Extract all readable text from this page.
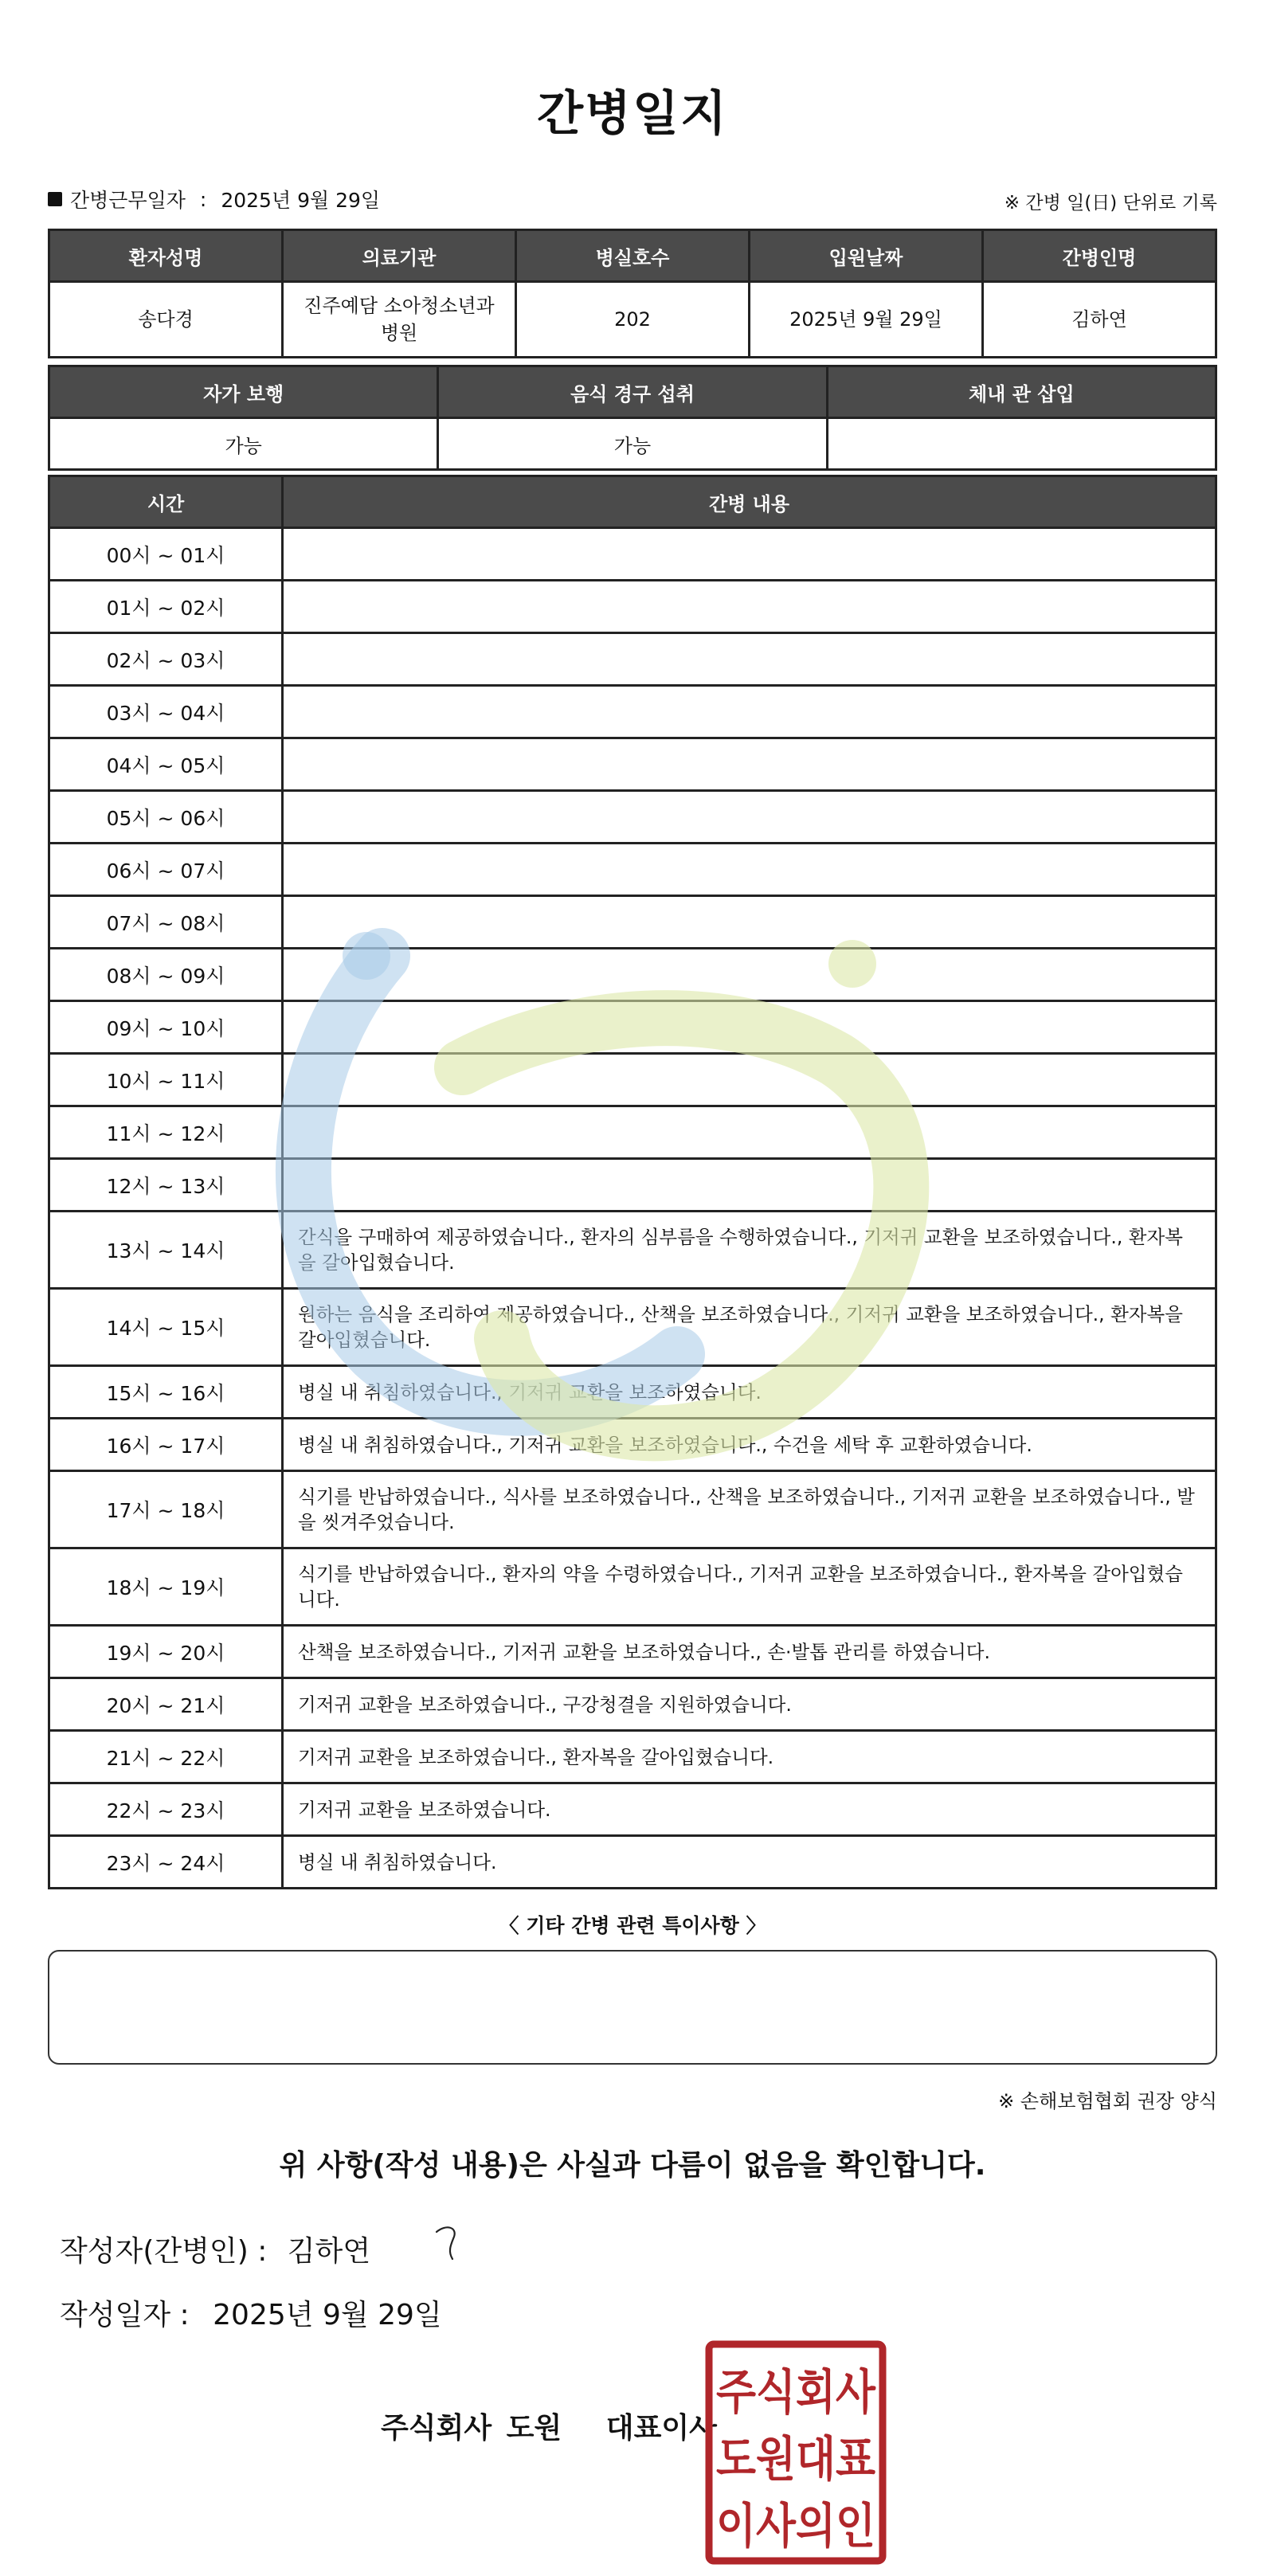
간병일지
간병근무일자 : 2025년 9월 29일	※ 간병 일(日) 단위로 기록
환자성명	의료기관	병실호수	입원날짜	간병인명
송다경	진주예담 소아청소년과 병원	202	2025년 9월 29일	김하연
자가 보행	음식 경구 섭취	체내 관 삽입
가능	가능	
시간	간병 내용
00시 ~ 01시	
01시 ~ 02시	
02시 ~ 03시	
03시 ~ 04시	
04시 ~ 05시	
05시 ~ 06시	
06시 ~ 07시	
07시 ~ 08시	
08시 ~ 09시	
09시 ~ 10시	
10시 ~ 11시	
11시 ~ 12시	
12시 ~ 13시	
13시 ~ 14시	간식을 구매하여 제공하였습니다., 환자의 심부름을 수행하였습니다., 기저귀 교환을 보조하였습니다., 환자복을 갈아입혔습니다.
14시 ~ 15시	원하는 음식을 조리하여 제공하였습니다., 산책을 보조하였습니다., 기저귀 교환을 보조하였습니다., 환자복을 갈아입혔습니다.
15시 ~ 16시	병실 내 취침하였습니다., 기저귀 교환을 보조하였습니다.
16시 ~ 17시	병실 내 취침하였습니다., 기저귀 교환을 보조하였습니다., 수건을 세탁 후 교환하였습니다.
17시 ~ 18시	식기를 반납하였습니다., 식사를 보조하였습니다., 산책을 보조하였습니다., 기저귀 교환을 보조하였습니다., 발을 씻겨주었습니다.
18시 ~ 19시	식기를 반납하였습니다., 환자의 약을 수령하였습니다., 기저귀 교환을 보조하였습니다., 환자복을 갈아입혔습니다.
19시 ~ 20시	산책을 보조하였습니다., 기저귀 교환을 보조하였습니다., 손·발톱 관리를 하였습니다.
20시 ~ 21시	기저귀 교환을 보조하였습니다., 구강청결을 지원하였습니다.
21시 ~ 22시	기저귀 교환을 보조하였습니다., 환자복을 갈아입혔습니다.
22시 ~ 23시	기저귀 교환을 보조하였습니다.
23시 ~ 24시	병실 내 취침하였습니다.
〈 기타 간병 관련 특이사항 〉
※ 손해보험협회 권장 양식
위 사항(작성 내용)은 사실과 다름이 없음을 확인합니다.
작성자(간병인) : 김하연
작성일자 : 2025년 9월 29일
주식회사 도원   대표이사
주식회사
도원대표
이사의인
